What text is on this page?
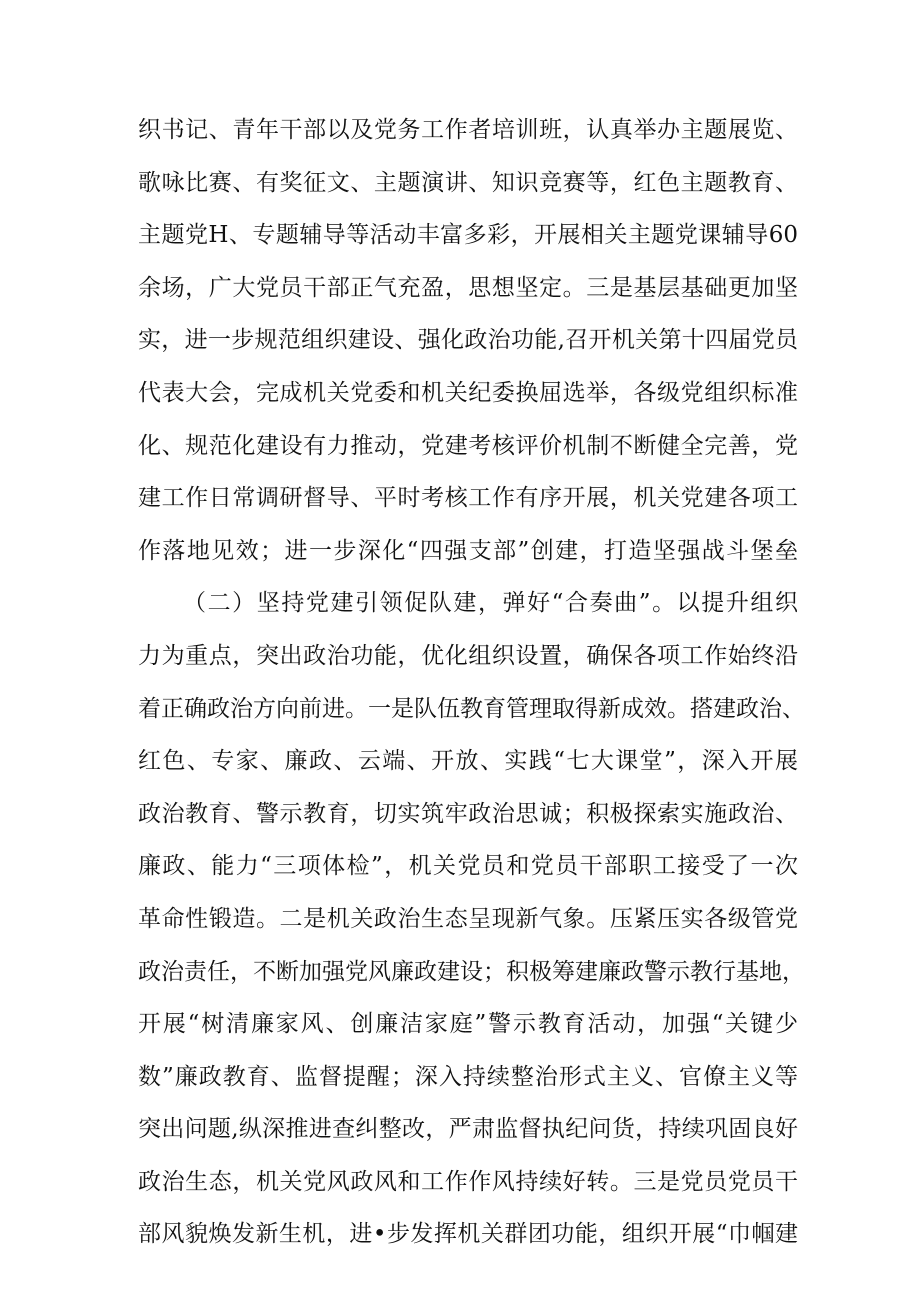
织书记、青年干部以及党务工作者培训班，认真举办主题展览、
歌咏比赛、有奖征文、主题演讲、知识竞赛等，红色主题教育、
主题党H、专题辅导等活动丰富多彩，开展相关主题党课辅导60
余场，广大党员干部正气充盈，思想坚定。三是基层基础更加坚
实，进一步规范组织建设、强化政治功能,召开机关第十四届党员
代表大会，完成机关党委和机关纪委换屈选举，各级党组织标准
化、规范化建设有力推动，党建考核评价机制不断健全完善，党
建工作日常调研督导、平时考核工作有序开展，机关党建各项工
作落地见效；进一步深化“四强支部”创建，打造坚强战斗堡垒
（二）坚持党建引领促队建，弹好“合奏曲”。以提升组织
力为重点，突出政治功能，优化组织设置，确保各项工作始终沿
着正确政治方向前进。一是队伍教育管理取得新成效。搭建政治、
红色、专家、廉政、云端、开放、实践“七大课堂”，深入开展
政治教育、警示教育，切实筑牢政治思诚；积极探索实施政治、
廉政、能力“三项体检”，机关党员和党员干部职工接受了一次
革命性锻造。二是机关政治生态呈现新气象。压紧压实各级管党
政治责任，不断加强党风廉政建设；积极筹建廉政警示教行基地，
开展“树清廉家风、创廉洁家庭”警示教育活动，加强“关键少
数”廉政教育、监督提醒；深入持续整治形式主义、官僚主义等
突出问题,纵深推进查纠整改，严肃监督执纪问货，持续巩固良好
政治生态，机关党风政风和工作作风持续好转。三是党员党员干
部风貌焕发新生机，进•步发挥机关群团功能，组织开展“巾帼建
